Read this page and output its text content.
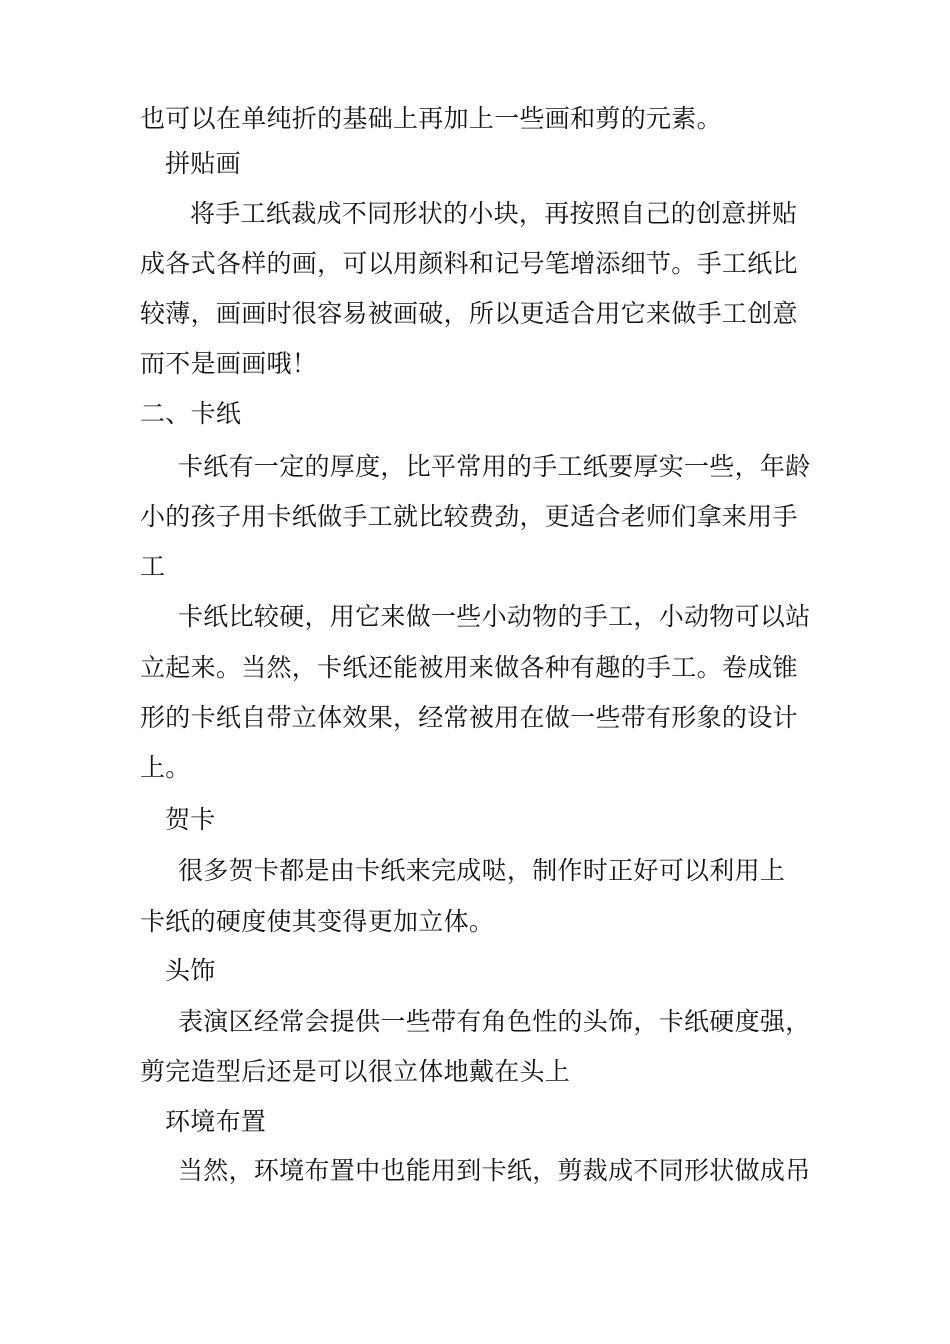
也可以在单纯折的基础上再加上一些画和剪的元素。
拼贴画
将手工纸裁成不同形状的小块，再按照自己的创意拼贴
成各式各样的画，可以用颜料和记号笔增添细节。手工纸比
较薄，画画时很容易被画破，所以更适合用它来做手工创意
而不是画画哦！
二、卡纸
卡纸有一定的厚度，比平常用的手工纸要厚实一些，年龄
小的孩子用卡纸做手工就比较费劲，更适合老师们拿来用手
工
卡纸比较硬，用它来做一些小动物的手工，小动物可以站
立起来。当然，卡纸还能被用来做各种有趣的手工。卷成锥
形的卡纸自带立体效果，经常被用在做一些带有形象的设计
上。
贺卡
很多贺卡都是由卡纸来完成哒，制作时正好可以利用上
卡纸的硬度使其变得更加立体。
头饰
表演区经常会提供一些带有角色性的头饰，卡纸硬度强，
剪完造型后还是可以很立体地戴在头上
环境布置
当然，环境布置中也能用到卡纸，剪裁成不同形状做成吊
